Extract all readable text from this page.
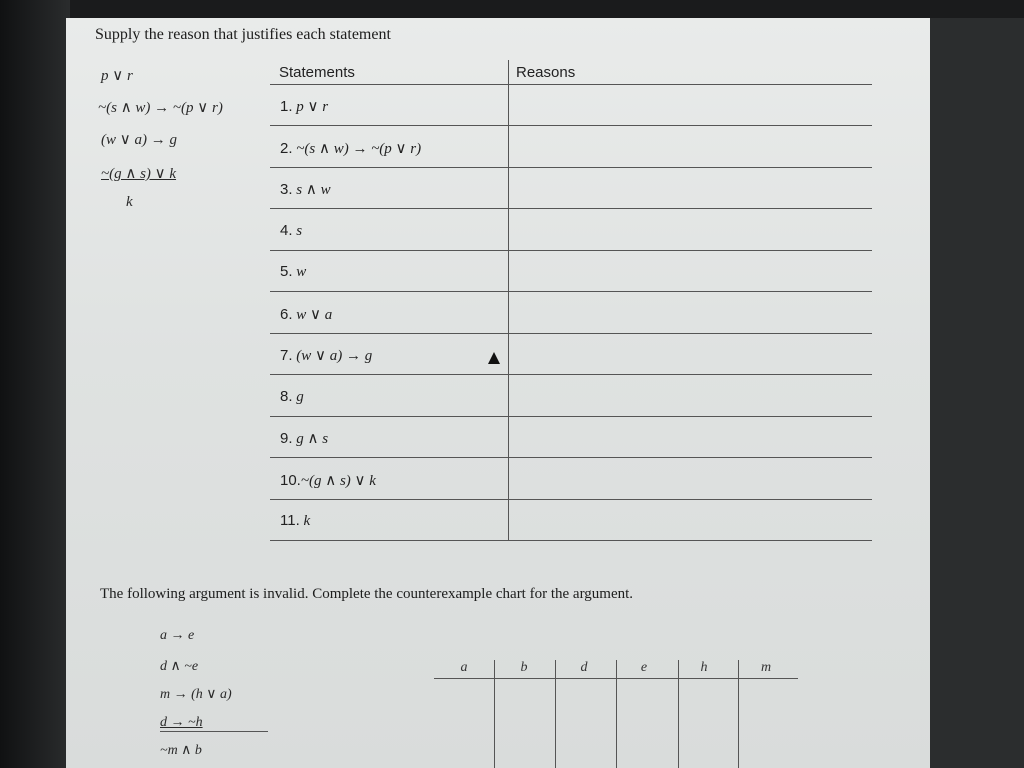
Supply the reason that justifies each statement
p ∨ r
~(s ∧ w) → ~(p ∨ r)
(w ∨ a) → g
~(g ∧ s) ∨ k
k
Statements	Reasons
1. p ∨ r
2. ~(s ∧ w) → ~(p ∨ r)
3. s ∧ w
4. s
5. w
6. w ∨ a
7. (w ∨ a) → g
8. g
9. g ∧ s
10.~(g ∧ s) ∨ k
11. k
The following argument is invalid. Complete the counterexample chart for the argument.
a → e
d ∧ ~e
m → (h ∨ a)
d → ~h
~m ∧ b
a	b	d	e	h	m
